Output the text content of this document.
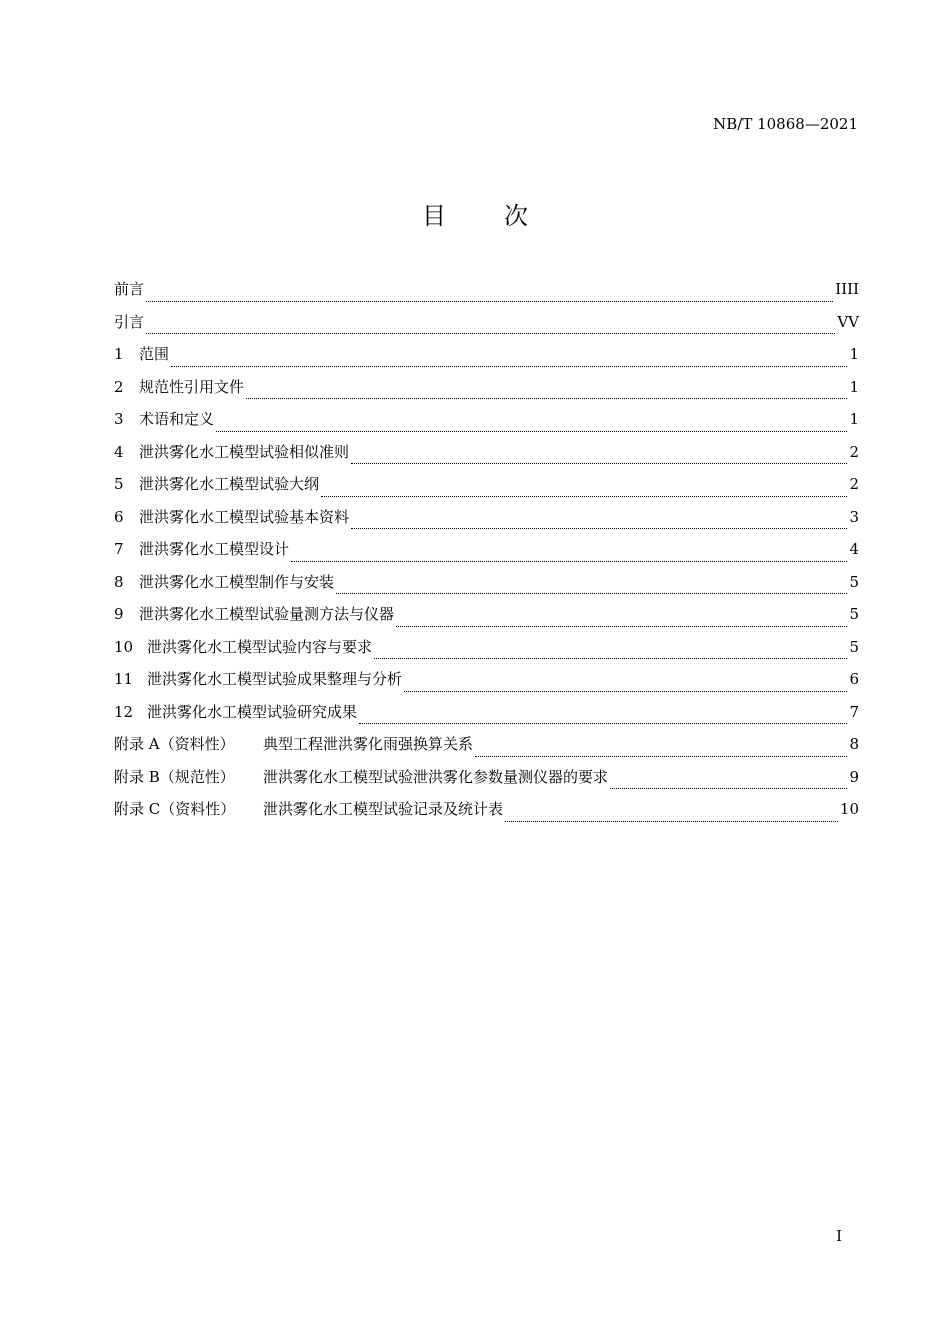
NB/T 10868—2021
目 次
前言	IIII
引言	VV
1	范围	1
2	规范性引用文件	1
3	术语和定义	1
4	泄洪雾化水工模型试验相似准则	2
5	泄洪雾化水工模型试验大纲	2
6	泄洪雾化水工模型试验基本资料	3
7	泄洪雾化水工模型设计	4
8	泄洪雾化水工模型制作与安装	5
9	泄洪雾化水工模型试验量测方法与仪器	5
10 泄洪雾化水工模型试验内容与要求	5
11 泄洪雾化水工模型试验成果整理与分析	6
12 泄洪雾化水工模型试验研究成果	7
附录 A（资料性）	典型工程泄洪雾化雨强换算关系	8
附录 B（规范性）	泄洪雾化水工模型试验泄洪雾化参数量测仪器的要求	9
附录 C（资料性）	泄洪雾化水工模型试验记录及统计表	10
I
